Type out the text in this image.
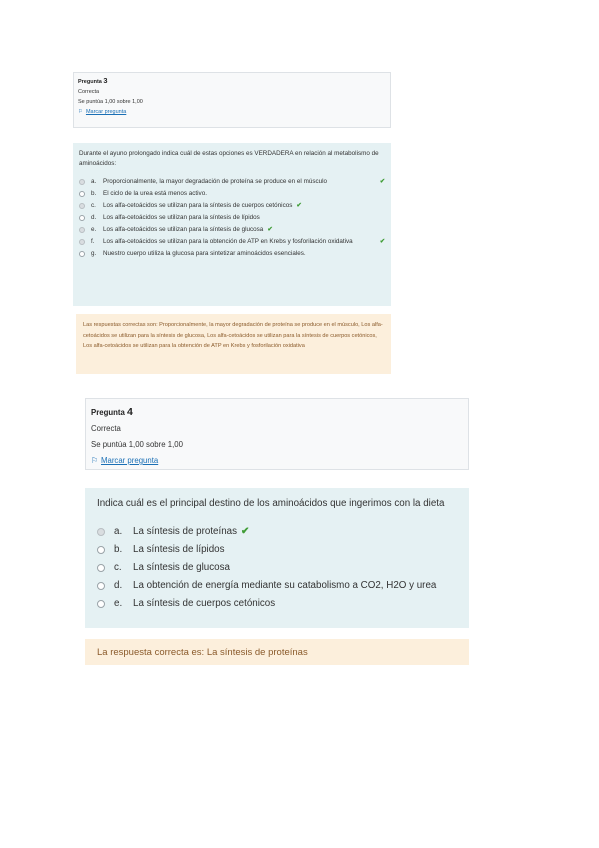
Pregunta 3
Correcta
Se puntúa 1,00 sobre 1,00
⚐ Marcar pregunta
Durante el ayuno prolongado indica cuál de estas opciones es VERDADERA en relación al metabolismo de aminoácidos:
a.	Proporcionalmente, la mayor degradación de proteína se produce en el músculo	✔
b.	El ciclo de la urea está menos activo.
c.	Los alfa-cetoácidos se utilizan para la síntesis de cuerpos cetónicos ✔
d.	Los alfa-cetoácidos se utilizan para la síntesis de lípidos
e.	Los alfa-cetoácidos se utilizan para la síntesis de glucosa ✔
f.	Los alfa-cetoácidos se utilizan para la obtención de ATP en Krebs y fosforilación oxidativa	✔
g.	Nuestro cuerpo utiliza la glucosa para sintetizar aminoácidos esenciales.
Las respuestas correctas son: Proporcionalmente, la mayor degradación de proteína se produce en el músculo, Los alfa-cetoácidos se utilizan para la síntesis de glucosa, Los alfa-cetoácidos se utilizan para la síntesis de cuerpos cetónicos, Los alfa-cetoácidos se utilizan para la obtención de ATP en Krebs y fosforilación oxidativa
Pregunta 4
Correcta
Se puntúa 1,00 sobre 1,00
⚐ Marcar pregunta
Indica cuál es el principal destino de los aminoácidos que ingerimos con la dieta
a.	La síntesis de proteínas ✔
b.	La síntesis de lípidos
c.	La síntesis de glucosa
d.	La obtención de energía mediante su catabolismo a CO2, H2O y urea
e.	La síntesis de cuerpos cetónicos
La respuesta correcta es: La síntesis de proteínas
